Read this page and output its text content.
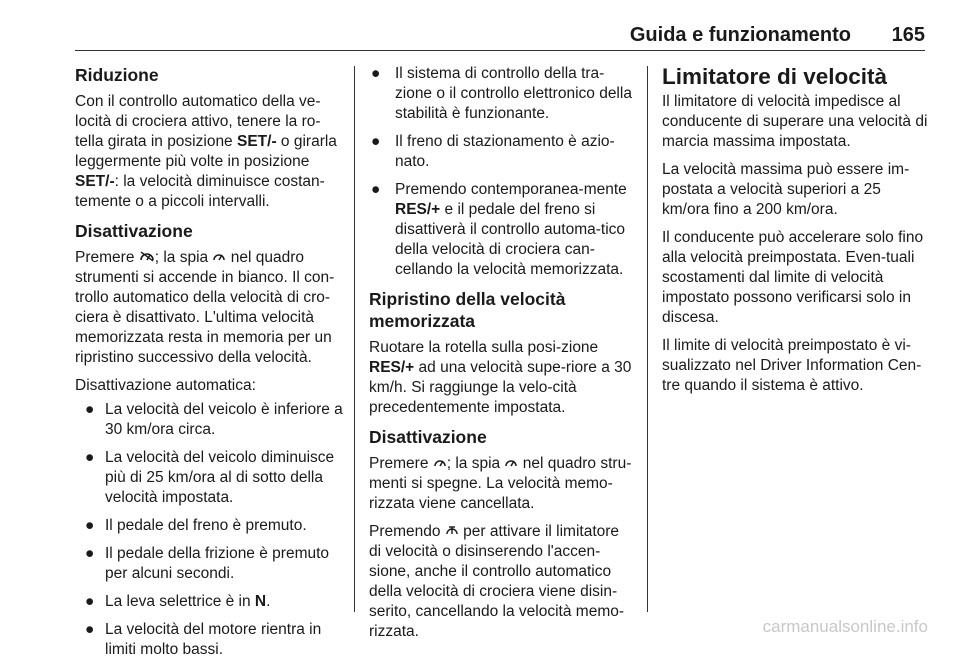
Guida e funzionamento 165
Riduzione

Con il controllo automatico della ve-locità di crociera attivo, tenere la ro-tella girata in posizione SET/- o girarla leggermente più volte in posizione SET/-: la velocità diminuisce costan-temente o a piccoli intervalli.

Disattivazione

Premere ; la spia  nel quadro strumenti si accende in bianco. Il con-trollo automatico della velocità di cro-ciera è disattivato. L'ultima velocità memorizzata resta in memoria per un ripristino successivo della velocità.

Disattivazione automatica:

● La velocità del veicolo è inferiore a 30 km/ora circa.
● La velocità del veicolo diminuisce più di 25 km/ora al di sotto della velocità impostata.
● Il pedale del freno è premuto.
● Il pedale della frizione è premuto per alcuni secondi.
● La leva selettrice è in N.
● La velocità del motore rientra in limiti molto bassi.
● Il sistema di controllo della tra-zione o il controllo elettronico della stabilità è funzionante.
● Il freno di stazionamento è azio-nato.
● Premendo contemporanea-mente RES/+ e il pedale del freno si disattiverà il controllo automa-tico della velocità di crociera can-cellando la velocità memorizzata.
Ripristino della velocità memorizzata

Ruotare la rotella sulla posi-zione RES/+ ad una velocità supe-riore a 30 km/h. Si raggiunge la velo-cità precedentemente impostata.

Disattivazione

Premere ; la spia  nel quadro stru-menti si spegne. La velocità memo-rizzata viene cancellata.

Premendo  per attivare il limitatore di velocità o disinserendo l'accen-sione, anche il controllo automatico della velocità di crociera viene disin-serito, cancellando la velocità memo-rizzata.

Limitatore di velocità

Il limitatore di velocità impedisce al conducente di superare una velocità di marcia massima impostata.

La velocità massima può essere im-postata a velocità superiori a 25 km/ora fino a 200 km/ora.

Il conducente può accelerare solo fino alla velocità preimpostata. Even-tuali scostamenti dal limite di velocità impostato possono verificarsi solo in discesa.

Il limite di velocità preimpostato è vi-sualizzato nel Driver Information Cen-tre quando il sistema è attivo.

carmanualsonline.info
